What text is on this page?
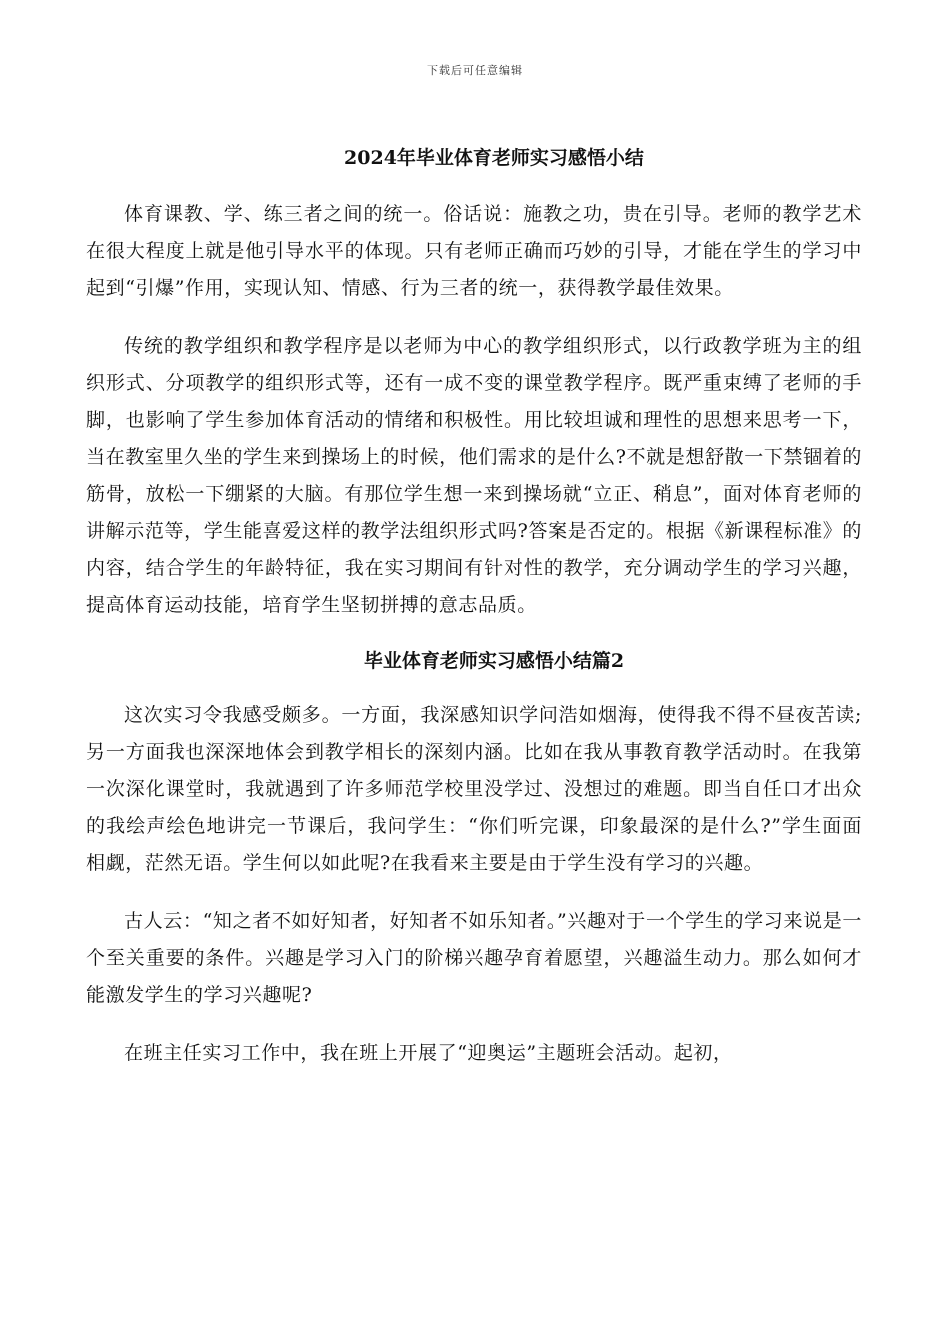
下载后可任意编辑
2024年毕业体育老师实习感悟小结

体育课教、学、练三者之间的统一。俗话说：施教之功，贵在引导。老师的教学艺术在很大程度上就是他引导水平的体现。只有老师正确而巧妙的引导，才能在学生的学习中起到“引爆”作用，实现认知、情感、行为三者的统一，获得教学最佳效果。

传统的教学组织和教学程序是以老师为中心的教学组织形式，以行政教学班为主的组织形式、分项教学的组织形式等，还有一成不变的课堂教学程序。既严重束缚了老师的手脚，也影响了学生参加体育活动的情绪和积极性。用比较坦诚和理性的思想来思考一下，当在教室里久坐的学生来到操场上的时候，他们需求的是什么?不就是想舒散一下禁锢着的筋骨，放松一下绷紧的大脑。有那位学生想一来到操场就“立正、稍息”，面对体育老师的讲解示范等，学生能喜爱这样的教学法组织形式吗?答案是否定的。根据《新课程标准》的内容，结合学生的年龄特征，我在实习期间有针对性的教学，充分调动学生的学习兴趣，提高体育运动技能，培育学生坚韧拼搏的意志品质。

毕业体育老师实习感悟小结篇2

这次实习令我感受颇多。一方面，我深感知识学问浩如烟海，使得我不得不昼夜苦读;另一方面我也深深地体会到教学相长的深刻内涵。比如在我从事教育教学活动时。在我第一次深化课堂时，我就遇到了许多师范学校里没学过、没想过的难题。即当自任口才出众的我绘声绘色地讲完一节课后，我问学生：“你们听完课，印象最深的是什么?”学生面面相觑，茫然无语。学生何以如此呢?在我看来主要是由于学生没有学习的兴趣。

古人云：“知之者不如好知者，好知者不如乐知者。”兴趣对于一个学生的学习来说是一个至关重要的条件。兴趣是学习入门的阶梯兴趣孕育着愿望，兴趣溢生动力。那么如何才能激发学生的学习兴趣呢?

在班主任实习工作中，我在班上开展了“迎奥运”主题班会活动。起初，
